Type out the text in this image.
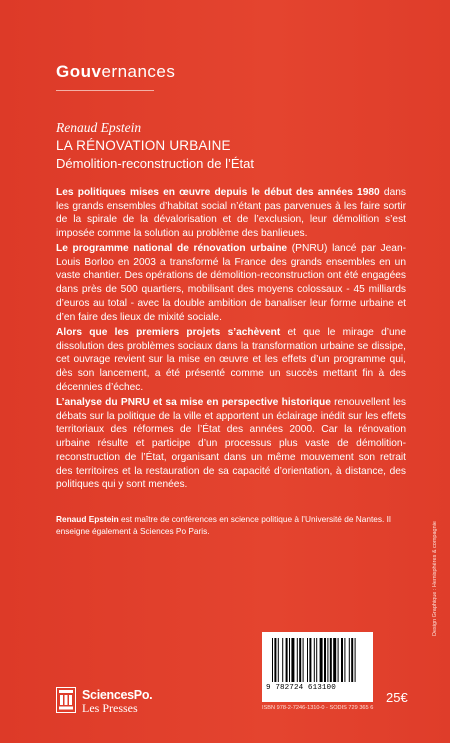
Gouvernances
Renaud Epstein
LA RÉNOVATION URBAINE
Démolition-reconstruction de l’État
Les politiques mises en œuvre depuis le début des années 1980 dans les grands ensembles d’habitat social n’étant pas parvenues à les faire sortir de la spirale de la dévalorisation et de l’exclusion, leur démolition s’est imposée comme la solution au problème des banlieues.
Le programme national de rénovation urbaine (PNRU) lancé par Jean-Louis Borloo en 2003 a transformé la France des grands ensembles en un vaste chantier. Des opérations de démolition-reconstruction ont été engagées dans près de 500 quartiers, mobilisant des moyens colossaux - 45 milliards d’euros au total - avec la double ambition de banaliser leur forme urbaine et d’en faire des lieux de mixité sociale.
Alors que les premiers projets s’achèvent et que le mirage d’une dissolution des problèmes sociaux dans la transformation urbaine se dissipe, cet ouvrage revient sur la mise en œuvre et les effets d’un programme qui, dès son lancement, a été présenté comme un succès mettant fin à des décennies d’échec.
L’analyse du PNRU et sa mise en perspective historique renouvellent les débats sur la politique de la ville et apportent un éclairage inédit sur les effets territoriaux des réformes de l’État des années 2000. Car la rénovation urbaine résulte et participe d’un processus plus vaste de démolition-reconstruction de l’État, organisant dans un même mouvement son retrait des territoires et la restauration de sa capacité d’orientation, à distance, des politiques qui y sont menées.
Renaud Epstein est maître de conférences en science politique à l’Université de Nantes. Il enseigne également à Sciences Po Paris.	Design Graphique : Hemisphères & compagnie
SciencesPo.
Les Presses
9 782724 613100
ISBN 978-2-7246-1310-0 - SODIS 729 365 6
25€
